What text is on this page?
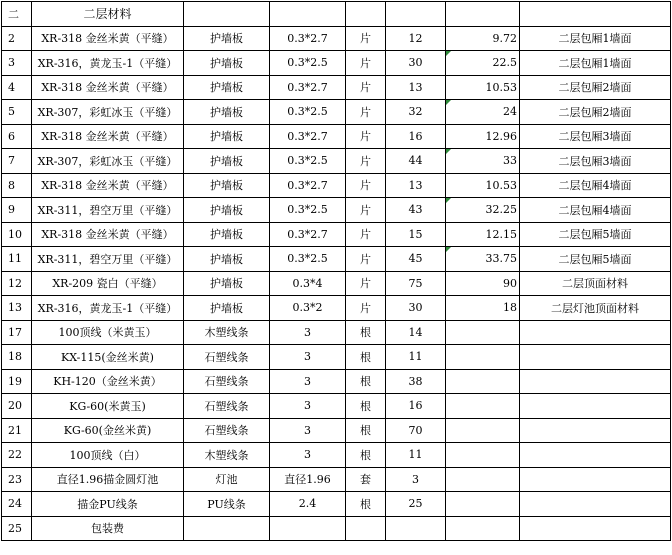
二	二层材料						
2	XR-318 金丝米黄（平缝）	护墙板	0.3*2.7	片	12	9.72	二层包厢1墙面
3	XR-316，黄龙玉-1（平缝）	护墙板	0.3*2.5	片	30	22.5	二层包厢1墙面
4	XR-318 金丝米黄（平缝）	护墙板	0.3*2.7	片	13	10.53	二层包厢2墙面
5	XR-307，彩虹冰玉（平缝）	护墙板	0.3*2.5	片	32	24	二层包厢2墙面
6	XR-318 金丝米黄（平缝）	护墙板	0.3*2.7	片	16	12.96	二层包厢3墙面
7	XR-307，彩虹冰玉（平缝）	护墙板	0.3*2.5	片	44	33	二层包厢3墙面
8	XR-318 金丝米黄（平缝）	护墙板	0.3*2.7	片	13	10.53	二层包厢4墙面
9	XR-311，碧空万里（平缝）	护墙板	0.3*2.5	片	43	32.25	二层包厢4墙面
10	XR-318 金丝米黄（平缝）	护墙板	0.3*2.7	片	15	12.15	二层包厢5墙面
11	XR-311，碧空万里（平缝）	护墙板	0.3*2.5	片	45	33.75	二层包厢5墙面
12	XR-209 瓷白（平缝）	护墙板	0.3*4	片	75	90	二层顶面材料
13	XR-316，黄龙玉-1（平缝）	护墙板	0.3*2	片	30	18	二层灯池顶面材料
17	100顶线（米黄玉）	木塑线条	3	根	14		
18	KX-115(金丝米黄)	石塑线条	3	根	11		
19	KH-120（金丝米黄）	石塑线条	3	根	38		
20	KG-60(米黄玉)	石塑线条	3	根	16		
21	KG-60(金丝米黄)	石塑线条	3	根	70		
22	100顶线（白）	木塑线条	3	根	11		
23	直径1.96描金圆灯池	灯池	直径1.96	套	3		
24	描金PU线条	PU线条	2.4	根	25		
25	包装费						
